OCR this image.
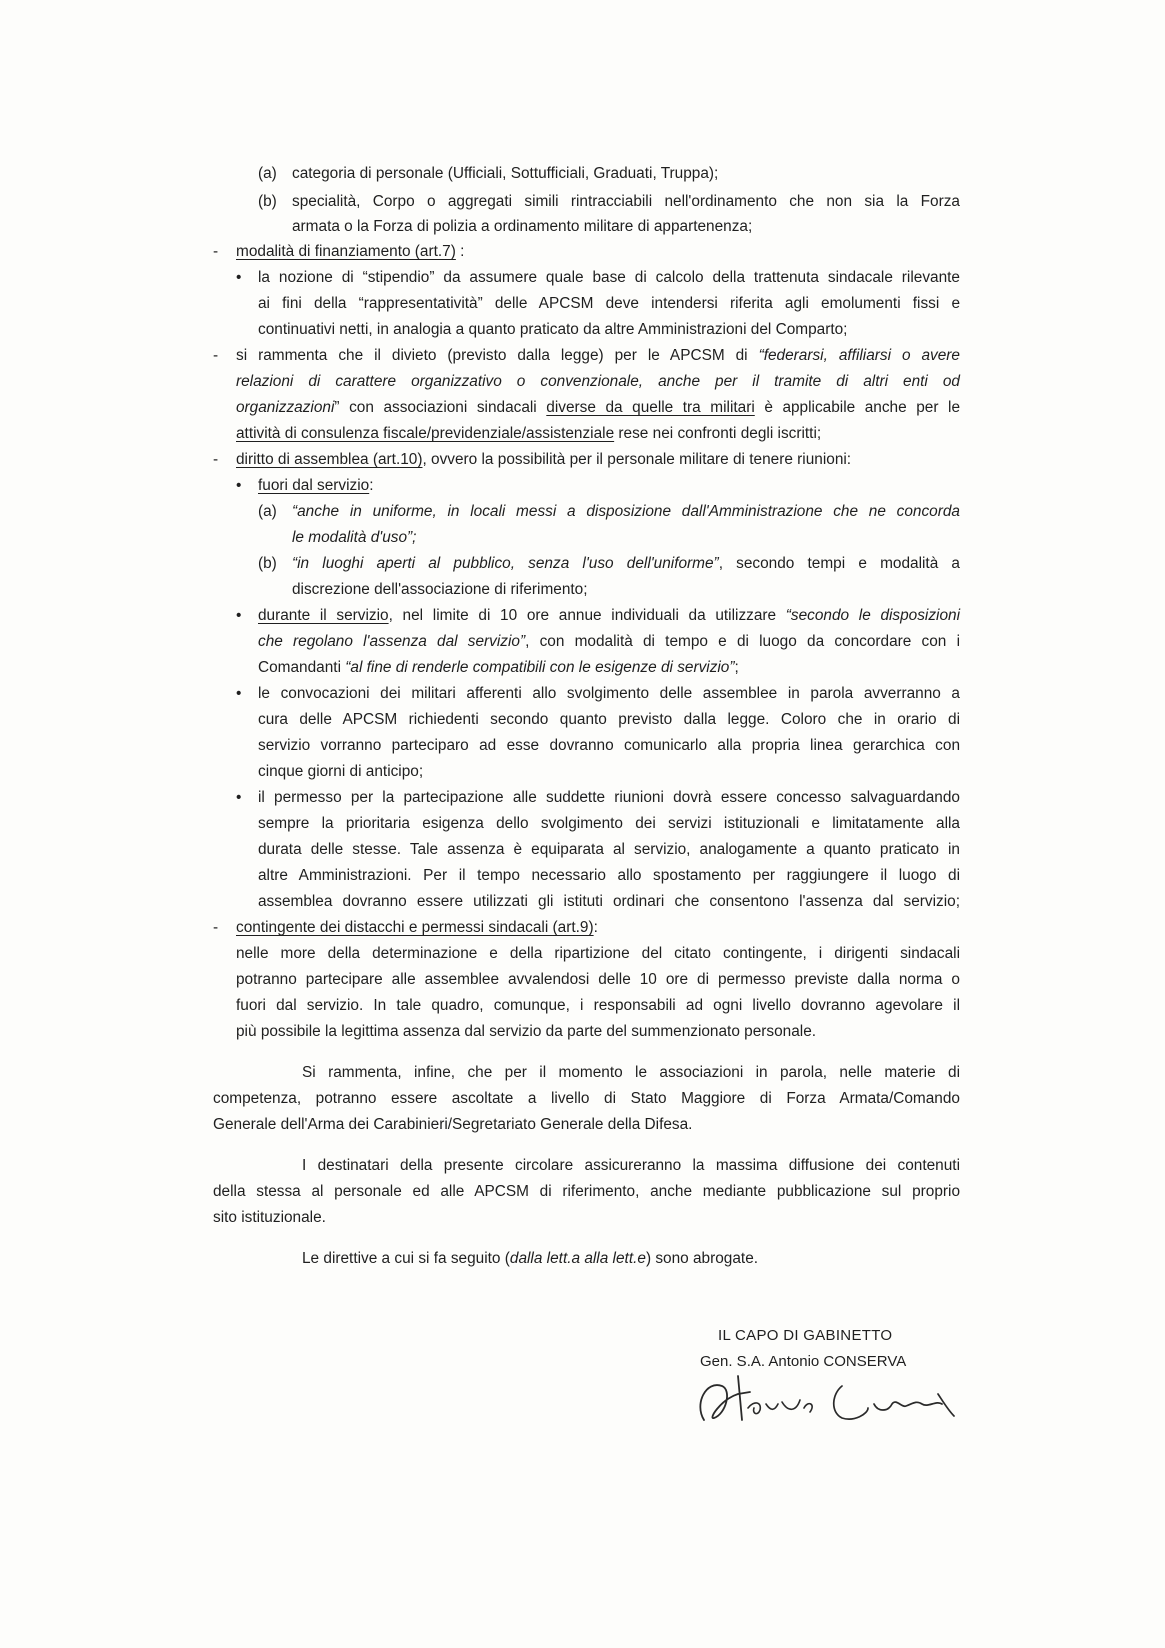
(a) categoria di personale (Ufficiali, Sottufficiali, Graduati, Truppa);
(b) specialità, Corpo o aggregati simili rintracciabili nell'ordinamento che non sia la Forza
armata o la Forza di polizia a ordinamento militare di appartenenza;
- modalità di finanziamento (art.7) :
• la nozione di “stipendio” da assumere quale base di calcolo della trattenuta sindacale rilevante
ai fini della “rappresentatività” delle APCSM deve intendersi riferita agli emolumenti fissi e
continuativi netti, in analogia a quanto praticato da altre Amministrazioni del Comparto;
- si rammenta che il divieto (previsto dalla legge) per le APCSM di “federarsi, affiliarsi o avere
relazioni di carattere organizzativo o convenzionale, anche per il tramite di altri enti od
organizzazioni” con associazioni sindacali diverse da quelle tra militari è applicabile anche per le
attività di consulenza fiscale/previdenziale/assistenziale rese nei confronti degli iscritti;
- diritto di assemblea (art.10), ovvero la possibilità per il personale militare di tenere riunioni:
• fuori dal servizio:
(a) “anche in uniforme, in locali messi a disposizione dall'Amministrazione che ne concorda
le modalità d'uso”;
(b) “in luoghi aperti al pubblico, senza l'uso dell'uniforme”, secondo tempi e modalità a
discrezione dell'associazione di riferimento;
• durante il servizio, nel limite di 10 ore annue individuali da utilizzare “secondo le disposizioni
che regolano l'assenza dal servizio”, con modalità di tempo e di luogo da concordare con i
Comandanti “al fine di renderle compatibili con le esigenze di servizio”;
• le convocazioni dei militari afferenti allo svolgimento delle assemblee in parola avverranno a
cura delle APCSM richiedenti secondo quanto previsto dalla legge. Coloro che in orario di
servizio vorranno parteciparo ad esse dovranno comunicarlo alla propria linea gerarchica con
cinque giorni di anticipo;
• il permesso per la partecipazione alle suddette riunioni dovrà essere concesso salvaguardando
sempre la prioritaria esigenza dello svolgimento dei servizi istituzionali e limitatamente alla
durata delle stesse. Tale assenza è equiparata al servizio, analogamente a quanto praticato in
altre Amministrazioni. Per il tempo necessario allo spostamento per raggiungere il luogo di
assemblea dovranno essere utilizzati gli istituti ordinari che consentono l'assenza dal servizio;
- contingente dei distacchi e permessi sindacali (art.9):
nelle more della determinazione e della ripartizione del citato contingente, i dirigenti sindacali
potranno partecipare alle assemblee avvalendosi delle 10 ore di permesso previste dalla norma o
fuori dal servizio. In tale quadro, comunque, i responsabili ad ogni livello dovranno agevolare il
più possibile la legittima assenza dal servizio da parte del summenzionato personale.
Si rammenta, infine, che per il momento le associazioni in parola, nelle materie di
competenza, potranno essere ascoltate a livello di Stato Maggiore di Forza Armata/Comando
Generale dell'Arma dei Carabinieri/Segretariato Generale della Difesa.
I destinatari della presente circolare assicureranno la massima diffusione dei contenuti
della stessa al personale ed alle APCSM di riferimento, anche mediante pubblicazione sul proprio
sito istituzionale.
Le direttive a cui si fa seguito (dalla lett.a alla lett.e) sono abrogate.
IL CAPO DI GABINETTO
Gen. S.A. Antonio CONSERVA
